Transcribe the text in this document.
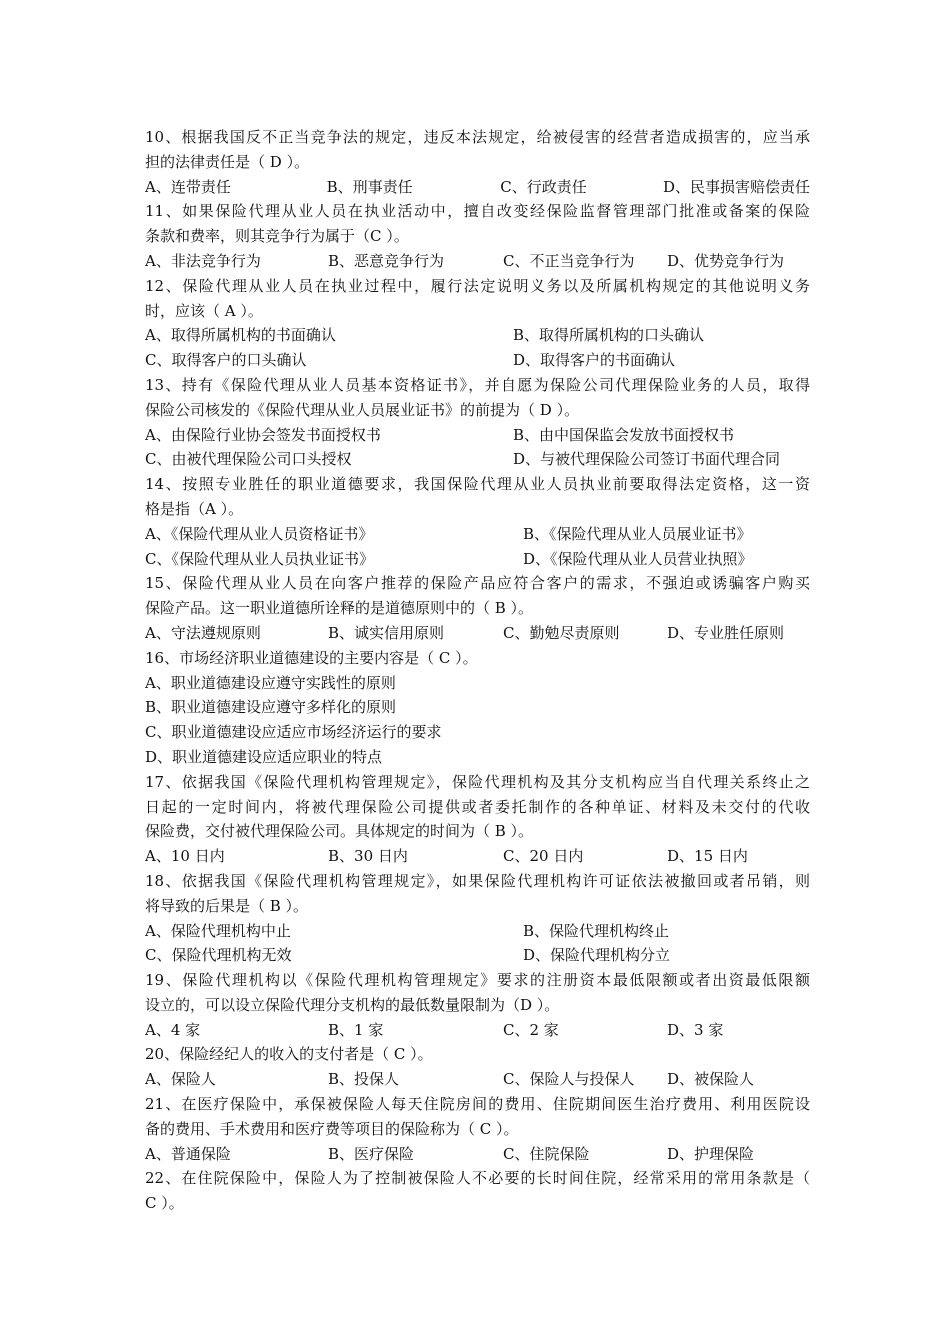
10、根据我国反不正当竞争法的规定，违反本法规定，给被侵害的经营者造成损害的，应当承
担的法律责任是（ D ）。
A、连带责任	B、刑事责任	C、行政责任	D、民事损害赔偿责任
11、如果保险代理从业人员在执业活动中，擅自改变经保险监督管理部门批准或备案的保险
条款和费率，则其竞争行为属于（C ）。
A、非法竞争行为	B、恶意竞争行为	C、不正当竞争行为	D、优势竞争行为
12、保险代理从业人员在执业过程中，履行法定说明义务以及所属机构规定的其他说明义务
时，应该（ A ）。
A、取得所属机构的书面确认	B、取得所属机构的口头确认
C、取得客户的口头确认	D、取得客户的书面确认
13、持有《保险代理从业人员基本资格证书》，并自愿为保险公司代理保险业务的人员，取得
保险公司核发的《保险代理从业人员展业证书》的前提为（ D ）。
A、由保险行业协会签发书面授权书	B、由中国保监会发放书面授权书
C、由被代理保险公司口头授权	D、与被代理保险公司签订书面代理合同
14、按照专业胜任的职业道德要求，我国保险代理从业人员执业前要取得法定资格，这一资
格是指（A ）。
A、《保险代理从业人员资格证书》	B、《保险代理从业人员展业证书》
C、《保险代理从业人员执业证书》	D、《保险代理从业人员营业执照》
15、保险代理从业人员在向客户推荐的保险产品应符合客户的需求，不强迫或诱骗客户购买
保险产品。这一职业道德所诠释的是道德原则中的（ B ）。
A、守法遵规原则	B、诚实信用原则	C、勤勉尽责原则	D、专业胜任原则
16、市场经济职业道德建设的主要内容是（ C ）。
A、职业道德建设应遵守实践性的原则
B、职业道德建设应遵守多样化的原则
C、职业道德建设应适应市场经济运行的要求
D、职业道德建设应适应职业的特点
17、依据我国《保险代理机构管理规定》，保险代理机构及其分支机构应当自代理关系终止之
日起的一定时间内，将被代理保险公司提供或者委托制作的各种单证、材料及未交付的代收
保险费，交付被代理保险公司。具体规定的时间为（ B ）。
A、10 日内	B、30 日内	C、20 日内	D、15 日内
18、依据我国《保险代理机构管理规定》，如果保险代理机构许可证依法被撤回或者吊销，则
将导致的后果是（ B ）。
A、保险代理机构中止	B、保险代理机构终止
C、保险代理机构无效	D、保险代理机构分立
19、保险代理机构以《保险代理机构管理规定》要求的注册资本最低限额或者出资最低限额
设立的，可以设立保险代理分支机构的最低数量限制为（D ）。
A、4 家	B、1 家	C、2 家	D、3 家
20、保险经纪人的收入的支付者是（ C ）。
A、保险人	B、投保人	C、保险人与投保人	D、被保险人
21、在医疗保险中，承保被保险人每天住院房间的费用、住院期间医生治疗费用、利用医院设
备的费用、手术费用和医疗费等项目的保险称为（ C ）。
A、普通保险	B、医疗保险	C、住院保险	D、护理保险
22、在住院保险中，保险人为了控制被保险人不必要的长时间住院，经常采用的常用条款是（
C ）。
